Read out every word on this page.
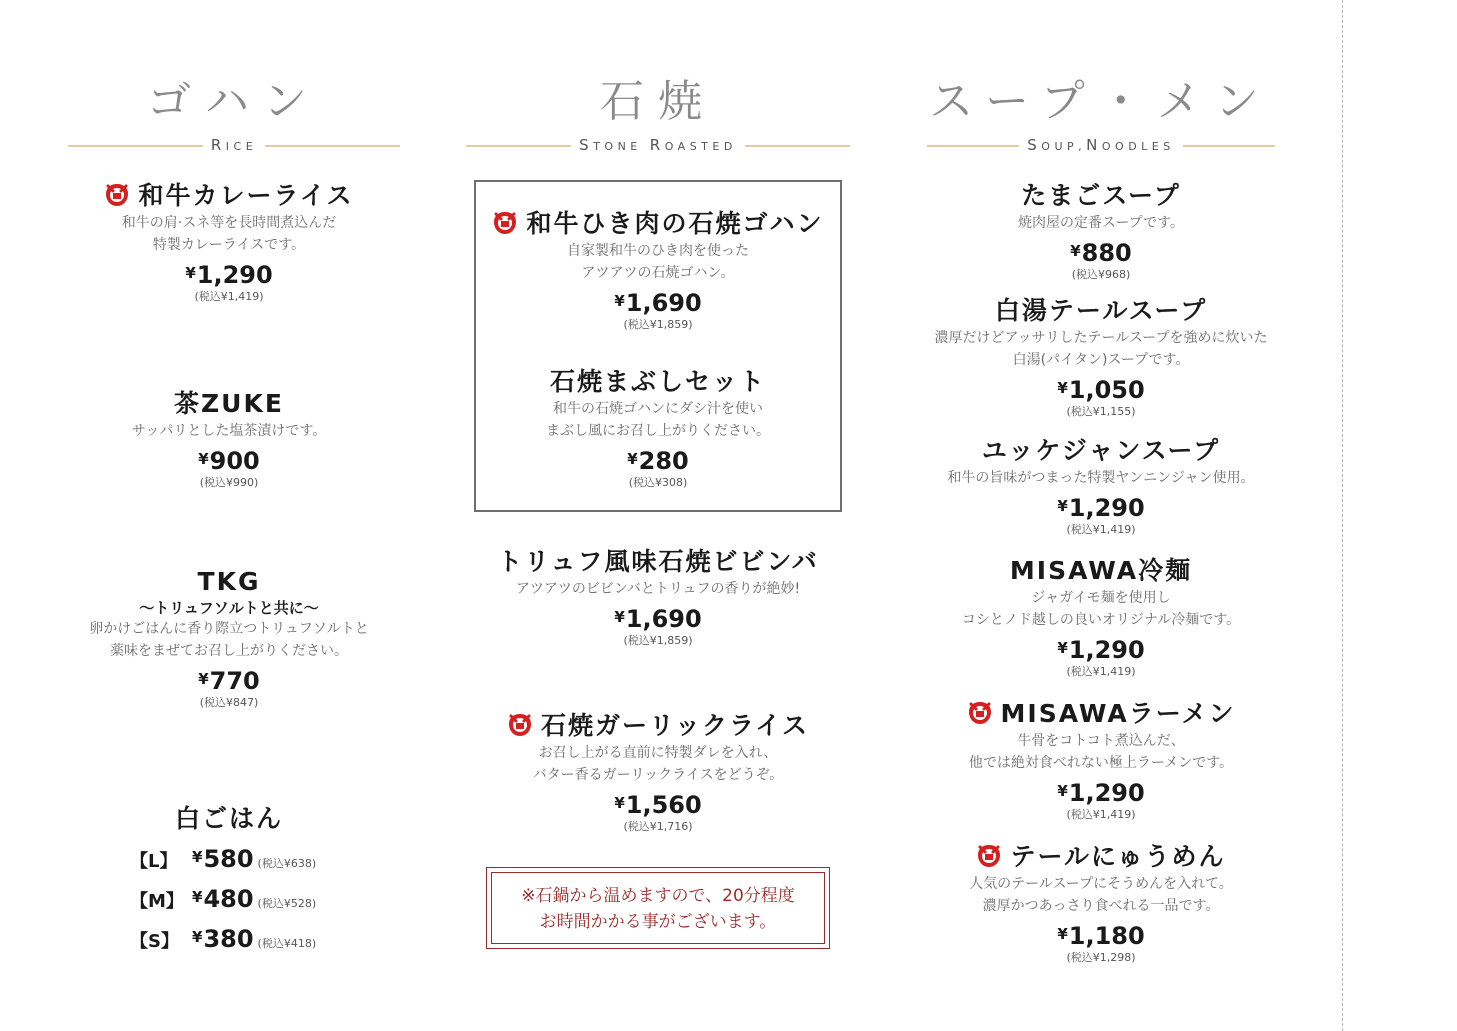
ゴハン
RICE
和牛カレーライス
和牛の肩·スネ等を長時間煮込んだ
特製カレーライスです。
¥1,290
(税込¥1,419)
茶ZUKE
サッパリとした塩茶漬けです。
¥900
(税込¥990)
TKG
〜トリュフソルトと共に〜
卵かけごはんに香り際立つトリュフソルトと
薬味をまぜてお召し上がりください。
¥770
(税込¥847)
白ごはん
【L】 ¥580 (税込¥638)
【M】 ¥480 (税込¥528)
【S】 ¥380 (税込¥418)
石焼
STONE ROASTED
和牛ひき肉の石焼ゴハン
自家製和牛のひき肉を使った
アツアツの石焼ゴハン。
¥1,690
(税込¥1,859)
石焼まぶしセット
和牛の石焼ゴハンにダシ汁を使い
まぶし風にお召し上がりください。
¥280
(税込¥308)
トリュフ風味石焼ビビンバ
アツアツのビビンバとトリュフの香りが絶妙!
¥1,690
(税込¥1,859)
石焼ガーリックライス
お召し上がる直前に特製ダレを入れ、
バター香るガーリックライスをどうぞ。
¥1,560
(税込¥1,716)
※石鍋から温めますので、20分程度
お時間かかる事がございます。
スープ・メン
SOUP,NOODLES
たまごスープ
焼肉屋の定番スープです。
¥880
(税込¥968)
白湯テールスープ
濃厚だけどアッサリしたテールスープを強めに炊いた
白湯(パイタン)スープです。
¥1,050
(税込¥1,155)
ユッケジャンスープ
和牛の旨味がつまった特製ヤンニンジャン使用。
¥1,290
(税込¥1,419)
MISAWA冷麺
ジャガイモ麺を使用し
コシとノド越しの良いオリジナル冷麺です。
¥1,290
(税込¥1,419)
MISAWAラーメン
牛骨をコトコト煮込んだ、
他では絶対食べれない極上ラーメンです。
¥1,290
(税込¥1,419)
テールにゅうめん
人気のテールスープにそうめんを入れて。
濃厚かつあっさり食べれる一品です。
¥1,180
(税込¥1,298)
